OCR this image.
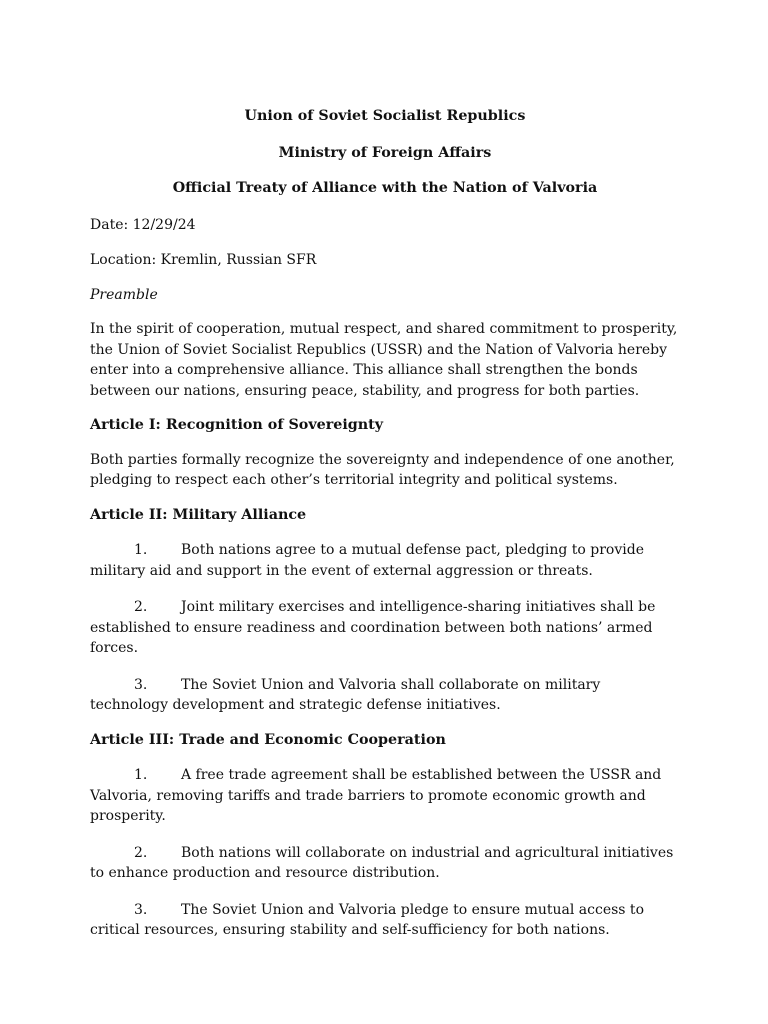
Union of Soviet Socialist Republics

Ministry of Foreign Affairs

Official Treaty of Alliance with the Nation of Valvoria

Date: 12/29/24

Location: Kremlin, Russian SFR

Preamble

In the spirit of cooperation, mutual respect, and shared commitment to prosperity, the Union of Soviet Socialist Republics (USSR) and the Nation of Valvoria hereby enter into a comprehensive alliance. This alliance shall strengthen the bonds between our nations, ensuring peace, stability, and progress for both parties.

Article I: Recognition of Sovereignty

Both parties formally recognize the sovereignty and independence of one another, pledging to respect each other’s territorial integrity and political systems.

Article II: Military Alliance

1. Both nations agree to a mutual defense pact, pledging to provide military aid and support in the event of external aggression or threats.

2. Joint military exercises and intelligence-sharing initiatives shall be established to ensure readiness and coordination between both nations’ armed forces.

3. The Soviet Union and Valvoria shall collaborate on military technology development and strategic defense initiatives.

Article III: Trade and Economic Cooperation

1. A free trade agreement shall be established between the USSR and Valvoria, removing tariffs and trade barriers to promote economic growth and prosperity.

2. Both nations will collaborate on industrial and agricultural initiatives to enhance production and resource distribution.

3. The Soviet Union and Valvoria pledge to ensure mutual access to critical resources, ensuring stability and self-sufficiency for both nations.
